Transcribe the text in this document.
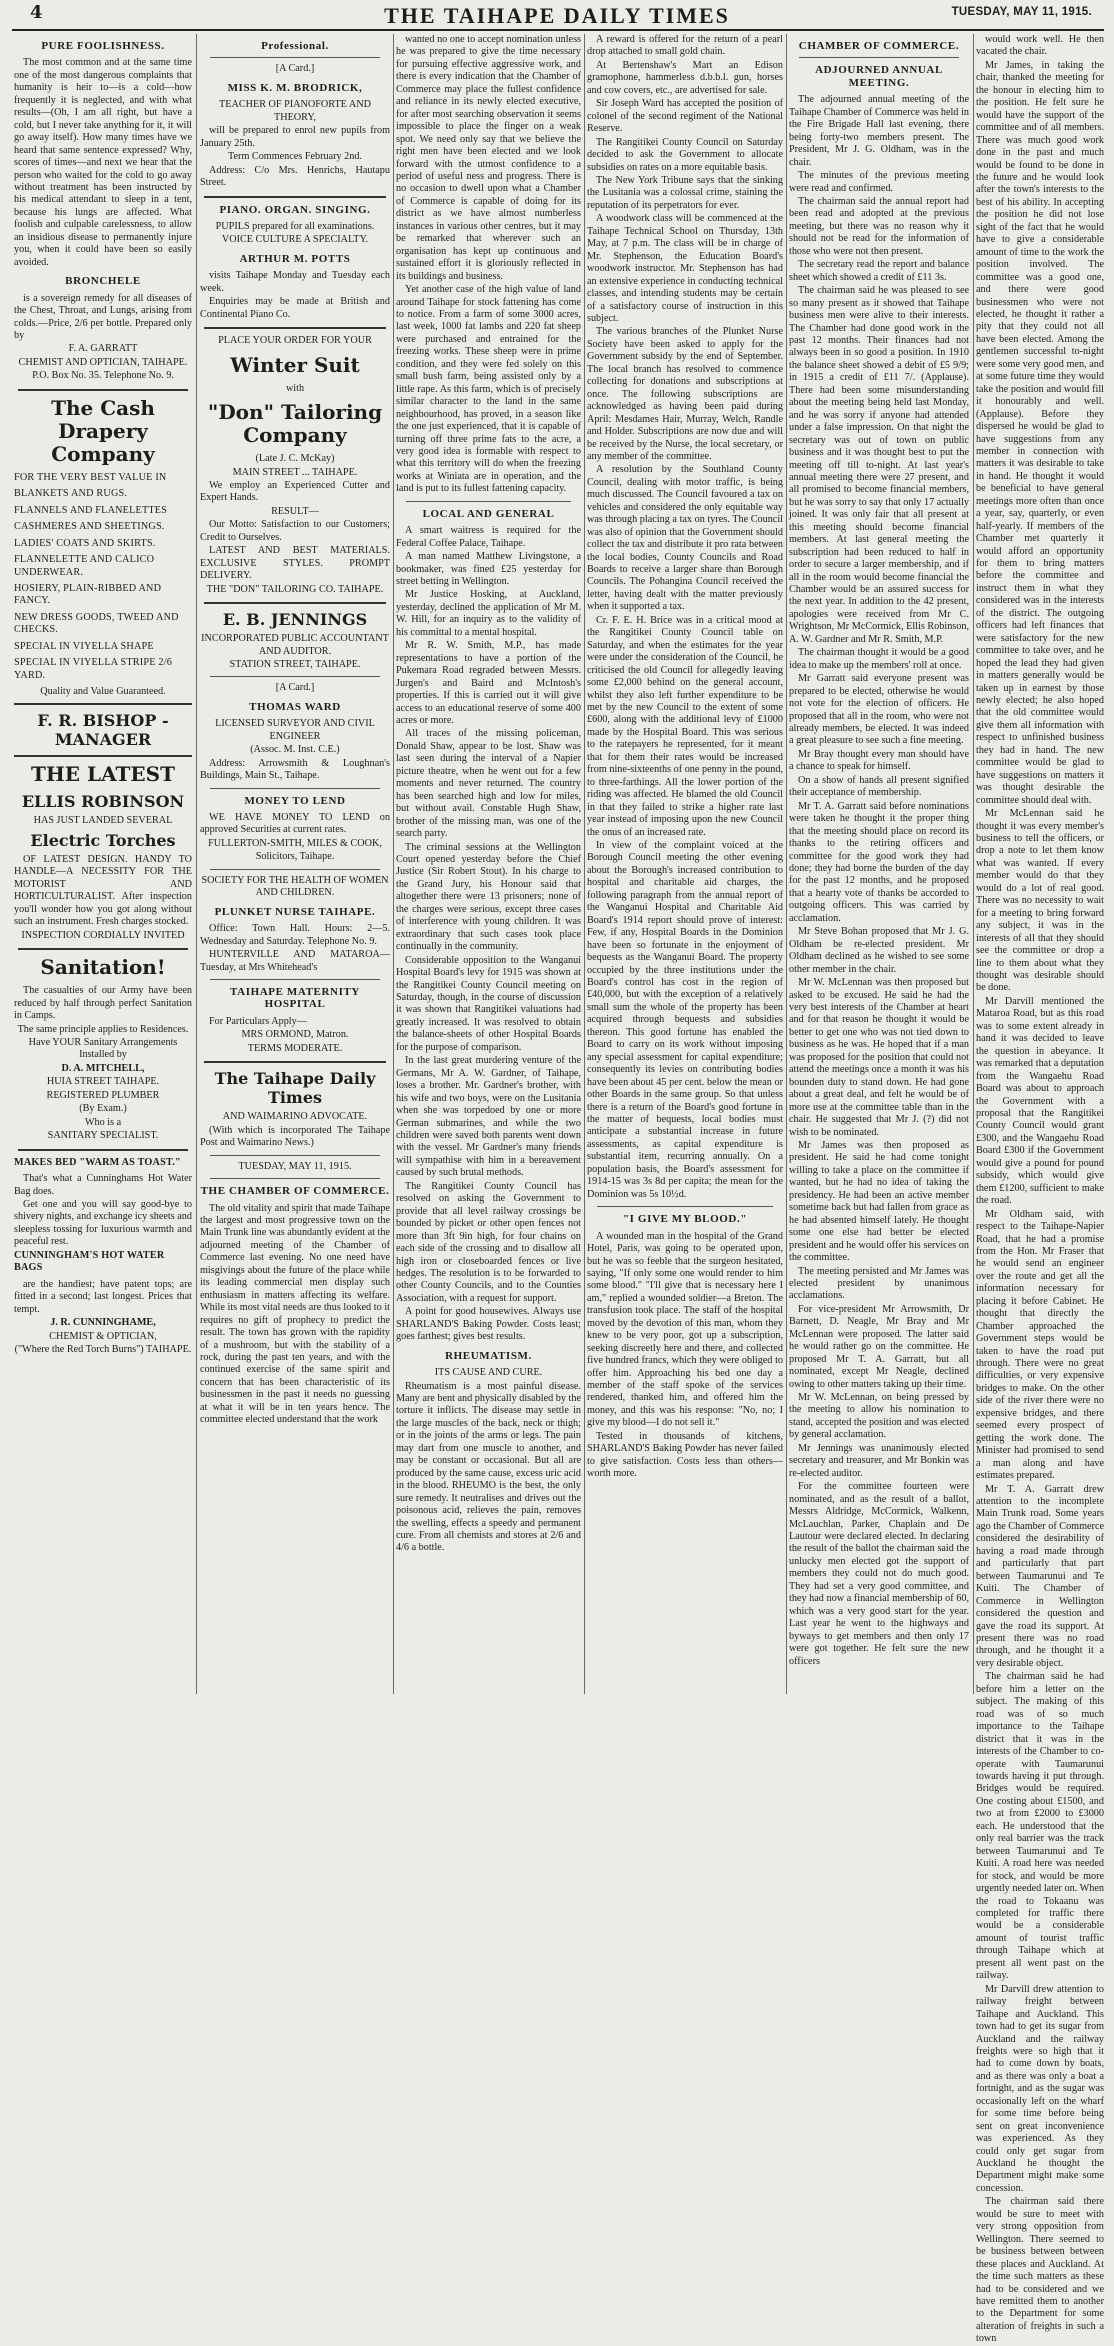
4	THE TAIHAPE DAILY TIMES	TUESDAY, MAY 11, 1915.
PURE FOOLISHNESS.

The most common and at the same time one of the most dangerous complaints that humanity is heir to—is a cold—how frequently it is neglected, and with what results—(Oh, I am all right, but have a cold, but I never take anything for it, it will go away itself). How many times have we heard that same sentence expressed? Why, scores of times—and next we hear that the person who waited for the cold to go away without treatment has been instructed by his medical attendant to sleep in a tent, because his lungs are affected. What foolish and culpable carelessness, to allow an insidious disease to permanently injure you, when it could have been so easily avoided.

BRONCHELE

is a sovereign remedy for all diseases of the Chest, Throat, and Lungs, arising from colds.—Price, 2/6 per bottle. Prepared only by

F. A. GARRATT

CHEMIST AND OPTICIAN, TAIHAPE.

P.O. Box No. 35. Telephone No. 9.

The Cash Drapery Company

FOR THE VERY BEST VALUE IN

BLANKETS AND RUGS.

FLANNELS AND FLANELETTES

CASHMERES AND SHEETINGS.

LADIES' COATS AND SKIRTS.

FLANNELETTE AND CALICO UNDERWEAR.

HOSIERY, PLAIN-RIBBED AND FANCY.

NEW DRESS GOODS, TWEED AND CHECKS.

SPECIAL IN VIYELLA SHAPE

SPECIAL IN VIYELLA STRIPE 2/6 YARD.

Quality and Value Guaranteed.

F. R. BISHOP - MANAGER
THE LATEST
ELLIS ROBINSON

HAS JUST LANDED SEVERAL

Electric Torches

OF LATEST DESIGN. HANDY TO HANDLE—A NECESSITY FOR THE MOTORIST AND HORTICULTURALIST. After inspection you'll wonder how you got along without such an instrument. Fresh charges stocked.

INSPECTION CORDIALLY INVITED

Sanitation!

The casualties of our Army have been reduced by half through perfect Sanitation in Camps.

The same principle applies to Residences.

Have YOUR Sanitary Arrangements Installed by

D. A. MITCHELL,

HUIA STREET TAIHAPE.

REGISTERED PLUMBER

(By Exam.)

Who is a

SANITARY SPECIALIST.

MAKES BED "WARM AS TOAST."

That's what a Cunninghams Hot Water Bag does.

Get one and you will say good-bye to shivery nights, and exchange icy sheets and sleepless tossing for luxurious warmth and peaceful rest.

CUNNINGHAM'S HOT WATER BAGS

are the handiest; have patent tops; are fitted in a second; last longest. Prices that tempt.

J. R. CUNNINGHAME,

CHEMIST & OPTICIAN,

("Where the Red Torch Burns") TAIHAPE.

Professional.

[A Card.]

MISS K. M. BRODRICK,

TEACHER OF PIANOFORTE AND THEORY,

will be prepared to enrol new pupils from January 25th.

Term Commences February 2nd.

Address: C/o Mrs. Henrichs, Hautapu Street.

PIANO. ORGAN. SINGING.

PUPILS prepared for all examinations.

VOICE CULTURE A SPECIALTY.

ARTHUR M. POTTS

visits Taihape Monday and Tuesday each week.

Enquiries may be made at British and Continental Piano Co.

PLACE YOUR ORDER FOR YOUR

Winter Suit

with

"Don" Tailoring Company

(Late J. C. McKay)

MAIN STREET ... TAIHAPE.

We employ an Experienced Cutter and Expert Hands.

RESULT—

Our Motto: Satisfaction to our Customers; Credit to Ourselves.

LATEST AND BEST MATERIALS. EXCLUSIVE STYLES. PROMPT DELIVERY.

THE "DON" TAILORING CO. TAIHAPE.

E. B. JENNINGS

INCORPORATED PUBLIC ACCOUNTANT AND AUDITOR.

STATION STREET, TAIHAPE.

[A Card.]

THOMAS WARD

LICENSED SURVEYOR AND CIVIL ENGINEER

(Assoc. M. Inst. C.E.)

Address: Arrowsmith & Loughnan's Buildings, Main St., Taihape.

MONEY TO LEND

WE HAVE MONEY TO LEND on approved Securities at current rates.

FULLERTON-SMITH, MILES & COOK,

Solicitors, Taihape.

SOCIETY FOR THE HEALTH OF WOMEN AND CHILDREN.

PLUNKET NURSE TAIHAPE.

Office: Town Hall. Hours: 2—5. Wednesday and Saturday. Telephone No. 9.

HUNTERVILLE AND MATAROA—Tuesday, at Mrs Whitehead's

TAIHAPE MATERNITY HOSPITAL

For Particulars Apply—

MRS ORMOND, Matron.

TERMS MODERATE.

The Taihape Daily Times

AND WAIMARINO ADVOCATE.

(With which is incorporated The Taihape Post and Waimarino News.)

TUESDAY, MAY 11, 1915.

THE CHAMBER OF COMMERCE.

The old vitality and spirit that made Taihape the largest and most progressive town on the Main Trunk line was abundantly evident at the adjourned meeting of the Chamber of Commerce last evening. No one need have misgivings about the future of the place while its leading commercial men display such enthusiasm in matters affecting its welfare. While its most vital needs are thus looked to it requires no gift of prophecy to predict the result. The town has grown with the rapidity of a mushroom, but with the stability of a rock, during the past ten years, and with the continued exercise of the same spirit and concern that has been characteristic of its businessmen in the past it needs no guessing at what it will be in ten years hence. The committee elected understand that the work

wanted no one to accept nomination unless he was prepared to give the time necessary for pursuing effective aggressive work, and there is every indication that the Chamber of Commerce may place the fullest confidence and reliance in its newly elected executive, for after most searching observation it seems impossible to place the finger on a weak spot. We need only say that we believe the right men have been elected and we look forward with the utmost confidence to a period of useful ness and progress. There is no occasion to dwell upon what a Chamber of Commerce is capable of doing for its district as we have almost numberless instances in various other centres, but it may be remarked that wherever such an organisation has kept up continuous and sustained effort it is gloriously reflected in its buildings and business.

Yet another case of the high value of land around Taihape for stock fattening has come to notice. From a farm of some 3000 acres, last week, 1000 fat lambs and 220 fat sheep were purchased and entrained for the freezing works. These sheep were in prime condition, and they were fed solely on this small bush farm, being assisted only by a little rape. As this farm, which is of precisely similar character to the land in the same neighbourhood, has proved, in a season like the one just experienced, that it is capable of turning off three prime fats to the acre, a very good idea is formable with respect to what this territory will do when the freezing works at Winiata are in operation, and the land is put to its fullest fattening capacity.

LOCAL AND GENERAL

A smart waitress is required for the Federal Coffee Palace, Taihape.

A man named Matthew Livingstone, a bookmaker, was fined £25 yesterday for street betting in Wellington.

Mr Justice Hosking, at Auckland, yesterday, declined the application of Mr M. W. Hill, for an inquiry as to the validity of his committal to a mental hospital.

Mr R. W. Smith, M.P., has made representations to have a portion of the Pukemara Road regraded between Messrs. Jurgen's and Baird and McIntosh's properties. If this is carried out it will give access to an educational reserve of some 400 acres or more.

All traces of the missing policeman, Donald Shaw, appear to be lost. Shaw was last seen during the interval of a Napier picture theatre, when he went out for a few moments and never returned. The country has been searched high and low for miles, but without avail. Constable Hugh Shaw, brother of the missing man, was one of the search party.

The criminal sessions at the Wellington Court opened yesterday before the Chief Justice (Sir Robert Stout). In his charge to the Grand Jury, his Honour said that altogether there were 13 prisoners; none of the charges were serious, except three cases of interference with young children. It was extraordinary that such cases took place continually in the community.

Considerable opposition to the Wanganui Hospital Board's levy for 1915 was shown at the Rangitikei County Council meeting on Saturday, though, in the course of discussion it was shown that Rangitikei valuations had greatly increased. It was resolved to obtain the balance-sheets of other Hospital Boards for the purpose of comparison.

In the last great murdering venture of the Germans, Mr A. W. Gardner, of Taihape, loses a brother. Mr. Gardner's brother, with his wife and two boys, were on the Lusitania when she was torpedoed by one or more German submarines, and while the two children were saved both parents went down with the vessel. Mr Gardner's many friends will sympathise with him in a bereavement caused by such brutal methods.

The Rangitikei County Council has resolved on asking the Government to provide that all level railway crossings be bounded by picket or other open fences not more than 3ft 9in high, for four chains on each side of the crossing and to disallow all high iron or closeboarded fences or live hedges. The resolution is to be forwarded to other County Councils, and to the Counties Association, with a request for support.

A point for good housewives. Always use SHARLAND'S Baking Powder. Costs least; goes farthest; gives best results.

RHEUMATISM.

ITS CAUSE AND CURE.

Rheumatism is a most painful disease. Many are bent and physically disabled by the torture it inflicts. The disease may settle in the large muscles of the back, neck or thigh; or in the joints of the arms or legs. The pain may dart from one muscle to another, and may be constant or occasional. But all are produced by the same cause, excess uric acid in the blood. RHEUMO is the best, the only sure remedy. It neutralises and drives out the poisonous acid, relieves the pain, removes the swelling, effects a speedy and permanent cure. From all chemists and stores at 2/6 and 4/6 a bottle.

A reward is offered for the return of a pearl drop attached to small gold chain.

At Bertenshaw's Mart an Edison gramophone, hammerless d.b.b.l. gun, horses and cow covers, etc., are advertised for sale.

Sir Joseph Ward has accepted the position of colonel of the second regiment of the National Reserve.

The Rangitikei County Council on Saturday decided to ask the Government to allocate subsidies on rates on a more equitable basis.

The New York Tribune says that the sinking the Lusitania was a colossal crime, staining the reputation of its perpetrators for ever.

A woodwork class will be commenced at the Taihape Technical School on Thursday, 13th May, at 7 p.m. The class will be in charge of Mr. Stephenson, the Education Board's woodwork instructor. Mr. Stephenson has had an extensive experience in conducting technical classes, and intending students may be certain of a satisfactory course of instruction in this subject.

The various branches of the Plunket Nurse Society have been asked to apply for the Government subsidy by the end of September. The local branch has resolved to commence collecting for donations and subscriptions at once. The following subscriptions are acknowledged as having been paid during April: Mesdames Hair, Murray, Welch, Randle and Holder. Subscriptions are now due and will be received by the Nurse, the local secretary, or any member of the committee.

A resolution by the Southland County Council, dealing with motor traffic, is being much discussed. The Council favoured a tax on vehicles and considered the only equitable way was through placing a tax on tyres. The Council was also of opinion that the Government should collect the tax and distribute it pro rata between the local bodies, County Councils and Road Boards to receive a larger share than Borough Councils. The Pohangina Council received the letter, having dealt with the matter previously when it supported a tax.

Cr. F. E. H. Brice was in a critical mood at the Rangitikei County Council table on Saturday, and when the estimates for the year were under the consideration of the Council, he criticised the old Council for allegedly leaving some £2,000 behind on the general account, whilst they also left further expenditure to be met by the new Council to the extent of some £600, along with the additional levy of £1000 made by the Hospital Board. This was serious to the ratepayers he represented, for it meant that for them their rates would be increased from nine-sixteenths of one penny in the pound, to three-farthings. All the lower portion of the riding was affected. He blamed the old Council in that they failed to strike a higher rate last year instead of imposing upon the new Council the onus of an increased rate.

In view of the complaint voiced at the Borough Council meeting the other evening about the Borough's increased contribution to hospital and charitable aid charges, the following paragraph from the annual report of the Wanganui Hospital and Charitable Aid Board's 1914 report should prove of interest: Few, if any, Hospital Boards in the Dominion have been so fortunate in the enjoyment of bequests as the Wanganui Board. The property occupied by the three institutions under the Board's control has cost in the region of £40,000, but with the exception of a relatively small sum the whole of the property has been acquired through bequests and subsidies thereon. This good fortune has enabled the Board to carry on its work without imposing any special assessment for capital expenditure; consequently its levies on contributing bodies have been about 45 per cent. below the mean or other Boards in the same group. So that unless there is a return of the Board's good fortune in the matter of bequests, local bodies must anticipate a substantial increase in future assessments, as capital expenditure is substantial item, recurring annually. On a population basis, the Board's assessment for 1914-15 was 3s 8d per capita; the mean for the Dominion was 5s 10½d.

"I GIVE MY BLOOD."

A wounded man in the hospital of the Grand Hotel, Paris, was going to be operated upon, but he was so feeble that the surgeon hesitated, saying, "If only some one would render to him some blood." "I'll give that is necessary here I am," replied a wounded soldier—a Breton. The transfusion took place. The staff of the hospital moved by the devotion of this man, whom they knew to be very poor, got up a subscription, seeking discreetly here and there, and collected five hundred francs, which they were obliged to offer him. Approaching his bed one day a member of the staff spoke of the services rendered, thanked him, and offered him the money, and this was his response: "No, no; I give my blood—I do not sell it."

Tested in thousands of kitchens, SHARLAND'S Baking Powder has never failed to give satisfaction. Costs less than others—worth more.

CHAMBER OF COMMERCE.
ADJOURNED ANNUAL MEETING.

The adjourned annual meeting of the Taihape Chamber of Commerce was held in the Fire Brigade Hall last evening, there being forty-two members present. The President, Mr J. G. Oldham, was in the chair.

The minutes of the previous meeting were read and confirmed.

The chairman said the annual report had been read and adopted at the previous meeting, but there was no reason why it should not be read for the information of those who were not then present.

The secretary read the report and balance sheet which showed a credit of £11 3s.

The chairman said he was pleased to see so many present as it showed that Taihape business men were alive to their interests. The Chamber had done good work in the past 12 months. Their finances had not always been in so good a position. In 1910 the balance sheet showed a debit of £5 9/9; in 1915 a credit of £11 7/. (Applause). There had been some misunderstanding about the meeting being held last Monday, and he was sorry if anyone had attended under a false impression. On that night the secretary was out of town on public business and it was thought best to put the meeting off till to-night. At last year's annual meeting there were 27 present, and all promised to become financial members, but he was sorry to say that only 17 actually joined. It was only fair that all present at this meeting should become financial members. At last general meeting the subscription had been reduced to half in order to secure a larger membership, and if all in the room would become financial the Chamber would be an assured success for the next year. In addition to the 42 present, apologies were received from Mr C. Wrightson, Mr McCormick, Ellis Robinson, A. W. Gardner and Mr R. Smith, M.P.

The chairman thought it would be a good idea to make up the members' roll at once.

Mr Garratt said everyone present was prepared to be elected, otherwise he would not vote for the election of officers. He proposed that all in the room, who were not already members, be elected. It was indeed a great pleasure to see such a fine meeting.

Mr Bray thought every man should have a chance to speak for himself.

On a show of hands all present signified their acceptance of membership.

Mr T. A. Garratt said before nominations were taken he thought it the proper thing that the meeting should place on record its thanks to the retiring officers and committee for the good work they had done; they had borne the burden of the day for the past 12 months, and he proposed that a hearty vote of thanks be accorded to outgoing officers. This was carried by acclamation.

Mr Steve Bohan proposed that Mr J. G. Oldham be re-elected president. Mr Oldham declined as he wished to see some other member in the chair.

Mr W. McLennan was then proposed but asked to be excused. He said he had the very best interests of the Chamber at heart and for that reason he thought it would be better to get one who was not tied down to business as he was. He hoped that if a man was proposed for the position that could not attend the meetings once a month it was his bounden duty to stand down. He had gone about a great deal, and felt he would be of more use at the committee table than in the chair. He suggested that Mr J. (?) did not wish to be nominated.

Mr James was then proposed as president. He said he had come tonight willing to take a place on the committee if wanted, but he had no idea of taking the presidency. He had been an active member sometime back but had fallen from grace as he had absented himself lately. He thought some one else had better be elected president and he would offer his services on the committee.

The meeting persisted and Mr James was elected president by unanimous acclamations.

For vice-president Mr Arrowsmith, Dr Barnett, D. Neagle, Mr Bray and Mr McLennan were proposed. The latter said he would rather go on the committee. He proposed Mr T. A. Garratt, but all nominated, except Mr Neagle, declined owing to other matters taking up their time.

Mr W. McLennan, on being pressed by the meeting to allow his nomination to stand, accepted the position and was elected by general acclamation.

Mr Jennings was unanimously elected secretary and treasurer, and Mr Bonkin was re-elected auditor.

For the committee fourteen were nominated, and as the result of a ballot, Messrs Aldridge, McCormick, Walkenn, McLauchlan, Parker, Chaplain and De Lautour were declared elected. In declaring the result of the ballot the chairman said the unlucky men elected got the support of members they could not do much good. They had set a very good committee, and they had now a financial membership of 60, which was a very good start for the year. Last year he went to the highways and byways to get members and then only 17 were got together. He felt sure the new officers

would work well. He then vacated the chair.

Mr James, in taking the chair, thanked the meeting for the honour in electing him to the position. He felt sure he would have the support of the committee and of all members. There was much good work done in the past and much would be found to be done in the future and he would look after the town's interests to the best of his ability. In accepting the position he did not lose sight of the fact that he would have to give a considerable amount of time to the work the position involved. The committee was a good one, and there were good businessmen who were not elected, he thought it rather a pity that they could not all have been elected. Among the gentlemen successful to-night were some very good men, and at some future time they would take the position and would fill it honourably and well. (Applause). Before they dispersed he would be glad to have suggestions from any member in connection with matters it was desirable to take in hand. He thought it would be beneficial to have general meetings more often than once a year, say, quarterly, or even half-yearly. If members of the Chamber met quarterly it would afford an opportunity for them to bring matters before the committee and instruct them in what they considered was in the interests of the district. The outgoing officers had left finances that were satisfactory for the new committee to take over, and he hoped the lead they had given in matters generally would be taken up in earnest by those newly elected; he also hoped that the old committee would give them all information with respect to unfinished business they had in hand. The new committee would be glad to have suggestions on matters it was thought desirable the committee should deal with.

Mr McLennan said he thought it was every member's business to tell the officers, or drop a note to let them know what was wanted. If every member would do that they would do a lot of real good. There was no necessity to wait for a meeting to bring forward any subject, it was in the interests of all that they should see the committee or drop a line to them about what they thought was desirable should be done.

Mr Darvill mentioned the Mataroa Road, but as this road was to some extent already in hand it was decided to leave the question in abeyance. It was remarked that a deputation from the Wangaehu Road Board was about to approach the Government with a proposal that the Rangitikei County Council would grant £300, and the Wangaehu Road Board £300 if the Government would give a pound for pound subsidy, which would give them £1200, sufficient to make the road.

Mr Oldham said, with respect to the Taihape-Napier Road, that he had a promise from the Hon. Mr Fraser that he would send an engineer over the route and get all the information necessary for placing it before Cabinet. He thought that directly the Chamber approached the Government steps would be taken to have the road put through. There were no great difficulties, or very expensive bridges to make. On the other side of the river there were no expensive bridges, and there seemed every prospect of getting the work done. The Minister had promised to send a man along and have estimates prepared.

Mr T. A. Garratt drew attention to the incomplete Main Trunk road. Some years ago the Chamber of Commerce considered the desirability of having a road made through and particularly that part between Taumarunui and Te Kuiti. The Chamber of Commerce in Wellington considered the question and gave the road its support. At present there was no road through, and he thought it a very desirable object.

The chairman said he had before him a letter on the subject. The making of this road was of so much importance to the Taihape district that it was in the interests of the Chamber to co-operate with Taumarunui towards having it put through. Bridges would be required. One costing about £1500, and two at from £2000 to £3000 each. He understood that the only real barrier was the track between Taumarunui and Te Kuiti. A road here was needed for stock, and would be more urgently needed later on. When the road to Tokaanu was completed for traffic there would be a considerable amount of tourist traffic through Taihape which at present all went past on the railway.

Mr Darvill drew attention to railway freight between Taihape and Auckland. This town had to get its sugar from Auckland and the railway freights were so high that it had to come down by boats, and as there was only a boat a fortnight, and as the sugar was occasionally left on the wharf for some time before being sent on great inconvenience was experienced. As they could only get sugar from Auckland he thought the Department might make some concession.

The chairman said there would be sure to meet with very strong opposition from Wellington. There seemed to be business between between these places and Auckland. At the time such matters as these had to be considered and we have remitted them to another to the Department for some alteration of freights in such a town
